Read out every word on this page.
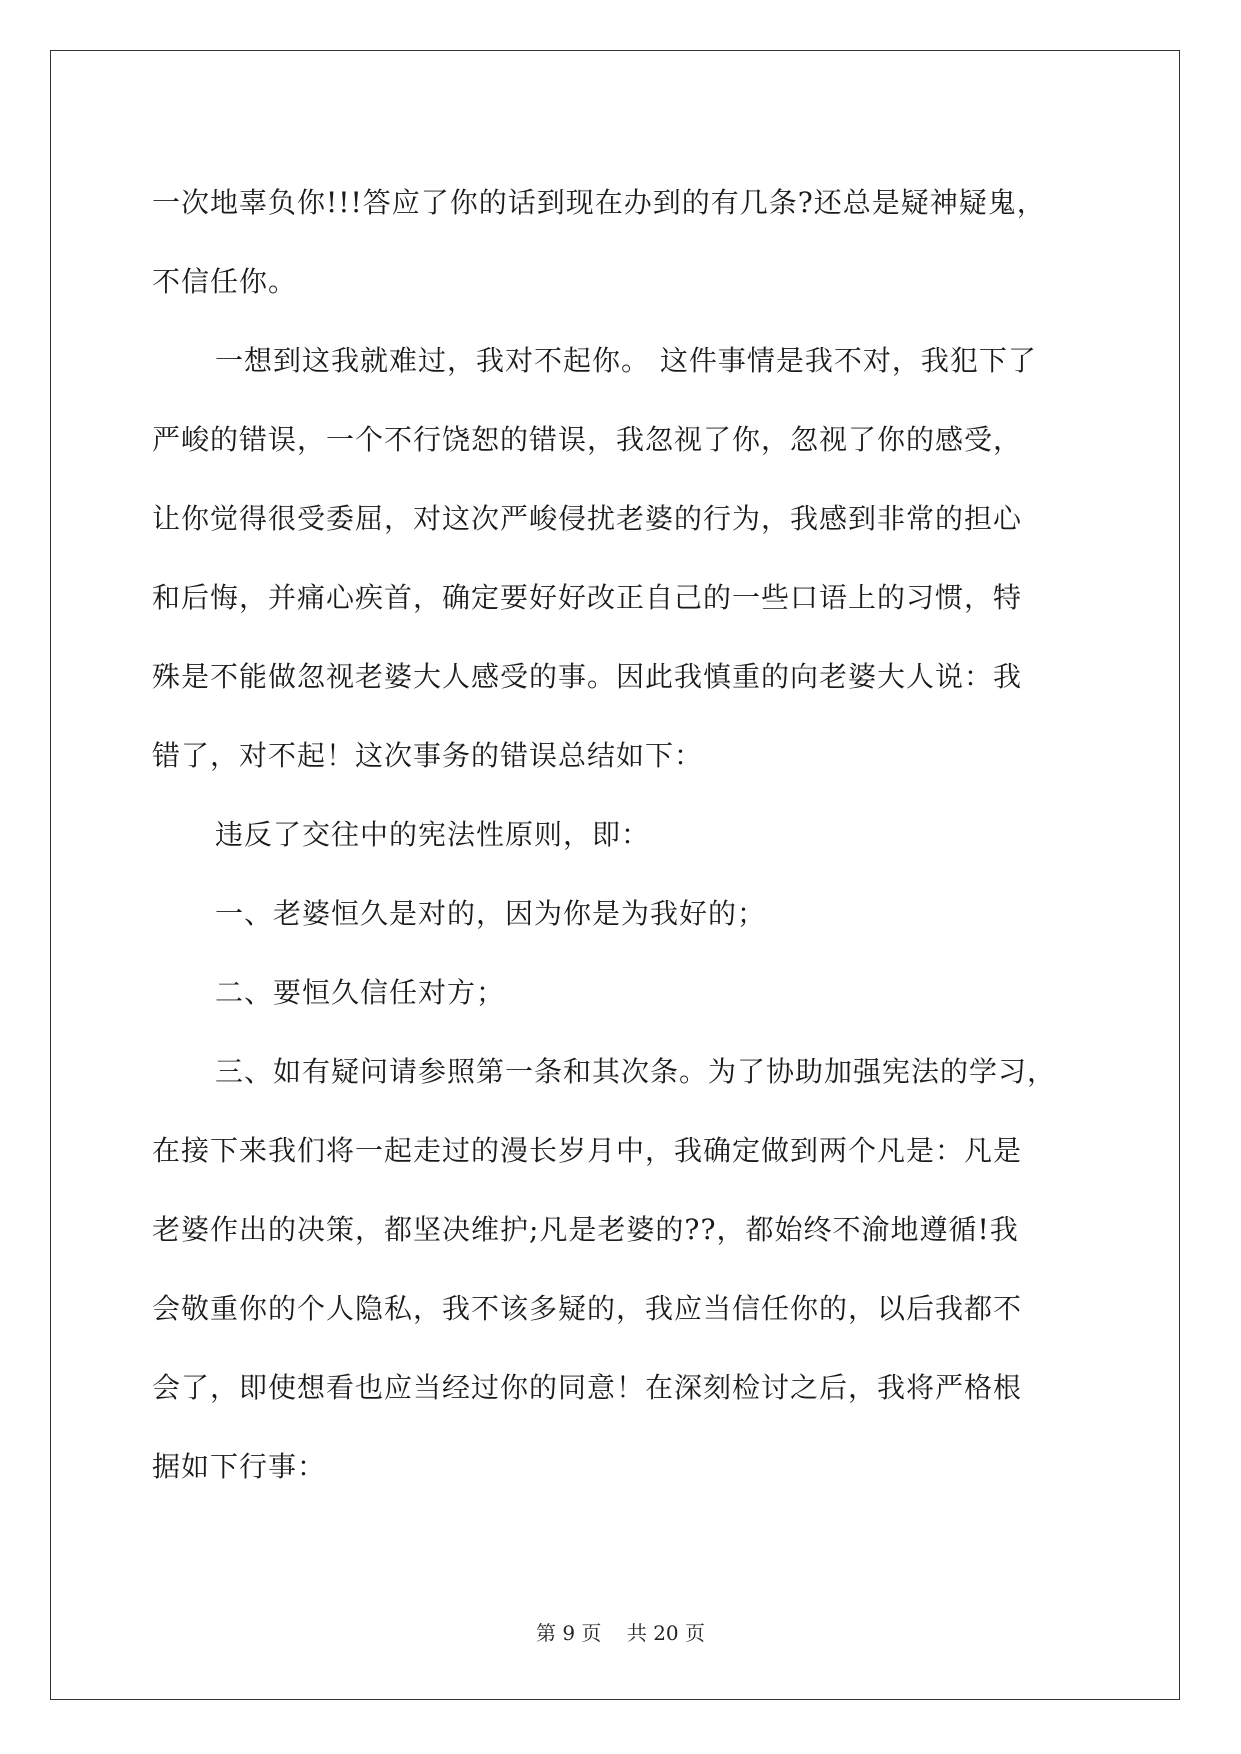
一次地辜负你!!!答应了你的话到现在办到的有几条?还总是疑神疑鬼，
不信任你。

一想到这我就难过，我对不起你。 这件事情是我不对，我犯下了
严峻的错误，一个不行饶恕的错误，我忽视了你，忽视了你的感受，
让你觉得很受委屈，对这次严峻侵扰老婆的行为，我感到非常的担心
和后悔，并痛心疾首，确定要好好改正自己的一些口语上的习惯，特
殊是不能做忽视老婆大人感受的事。因此我慎重的向老婆大人说：我
错了，对不起！这次事务的错误总结如下：

违反了交往中的宪法性原则，即：

一、老婆恒久是对的，因为你是为我好的；

二、要恒久信任对方；

三、如有疑问请参照第一条和其次条。为了协助加强宪法的学习，
在接下来我们将一起走过的漫长岁月中，我确定做到两个凡是：凡是
老婆作出的决策，都坚决维护;凡是老婆的??，都始终不渝地遵循!我
会敬重你的个人隐私，我不该多疑的，我应当信任你的，以后我都不
会了，即使想看也应当经过你的同意！在深刻检讨之后，我将严格根
据如下行事：

第 9 页    共 20 页
